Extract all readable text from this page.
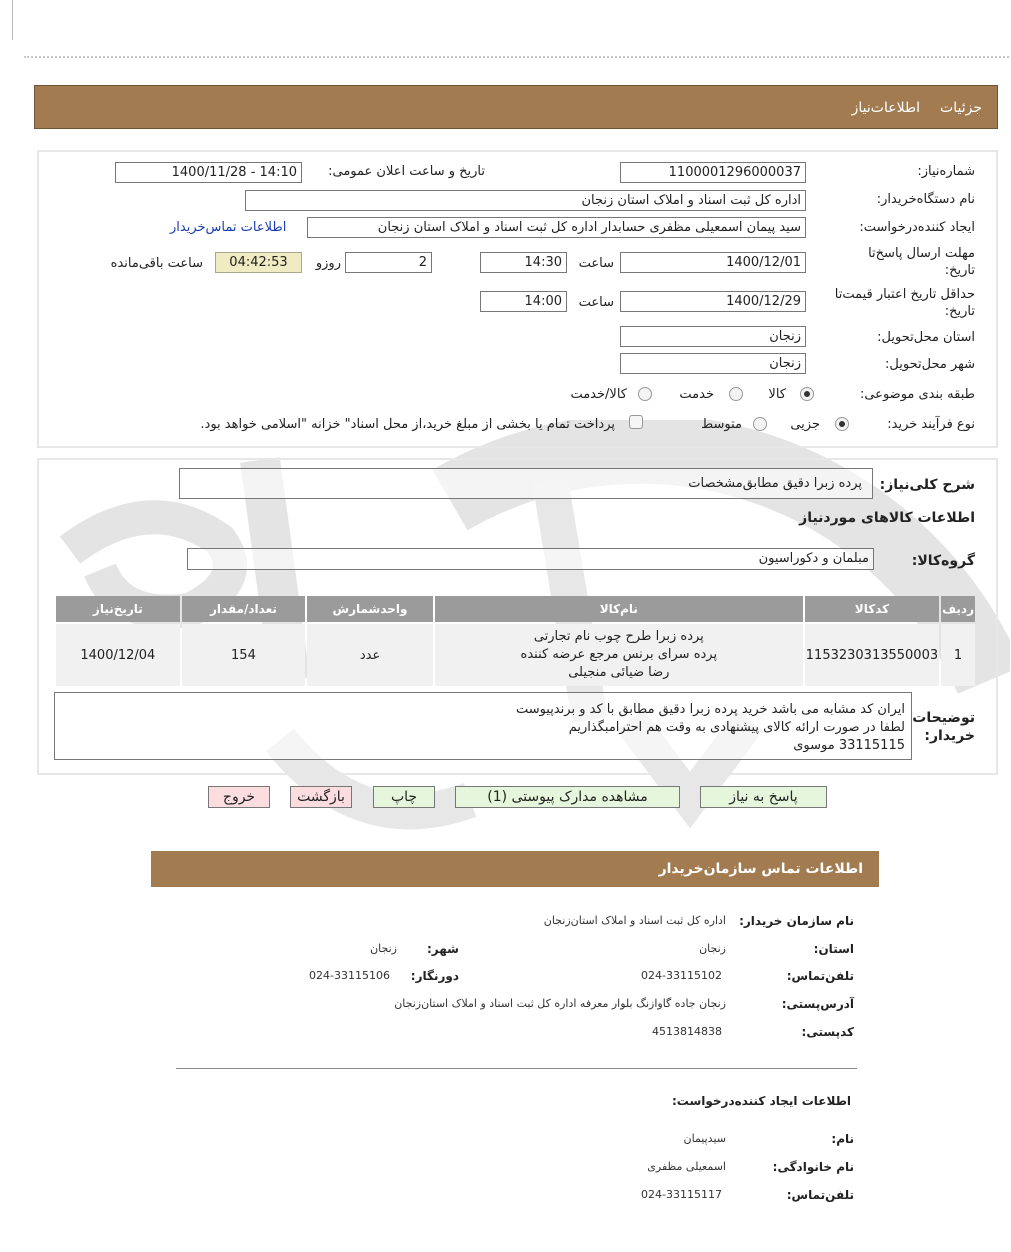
جزئیات
اطلاعات‌نیاز
شماره‌نیاز:
1100001296000037
تاریخ و ساعت اعلان عمومی:
1400/11/28 - 14:10
نام دستگاه‌خریدار:
اداره کل ثبت اسناد و املاک استان زنجان
ایجاد کننده‌درخواست:
سید پیمان اسمعیلی مظفری حسابدار اداره کل ثبت اسناد و املاک استان زنجان
اطلاعات تماس‌خریدار
مهلت ارسال پاسخ‌تا
تاریخ:
1400/12/01
ساعت
14:30
2
روزو
04:42:53
ساعت باقی‌مانده
حداقل تاریخ اعتبار قیمت‌تا
تاریخ:
1400/12/29
ساعت
14:00
استان محل‌تحویل:
زنجان
شهر محل‌تحویل:
زنجان
طبقه بندی موضوعی:
کالا
خدمت
کالا/خدمت
نوع فرآیند خرید:
جزیی
متوسط
پرداخت تمام یا بخشی از مبلغ خرید،از محل اسناد" خزانه "اسلامی خواهد بود.
شرح کلی‌نیاز:
پرده زبرا دقیق مطابق‌مشخصات
اطلاعات کالاهای موردنیاز
گروه‌کالا:
مبلمان و دکوراسیون
ردیف	کدکالا	نام‌کالا	واحدشمارش	تعداد/مقدار	تاریخ‌نیاز
1	1153230313550003	پرده زبرا طرح چوب نام تجارتی
پرده سرای برنس مرجع عرضه کننده
رضا ضیائی منجیلی	عدد	154	1400/12/04
توضیحات
خریدار:
ایران کد مشابه می باشد خرید پرده زبرا دقیق مطابق با کد و برندپیوست
لطفا در صورت ارائه کالای پیشنهادی به وقت هم احترامبگذاریم
33115115 موسوی
پاسخ به نیاز
مشاهده مدارک پیوستی (1)
چاپ
بازگشت
خروج
اطلاعات تماس سازمان‌خریدار
نام سازمان خریدار:
اداره کل ثبت اسناد و املاک استان‌زنجان
استان:
زنجان
شهر:
زنجان
تلفن‌تماس:
024-33115102
دورنگار:
024-33115106
آدرس‌پستی:
زنجان جاده گاوازنگ بلوار معرفه اداره کل ثبت اسناد و املاک استان‌زنجان
کدپستی:
4513814838
اطلاعات ایجاد کننده‌درخواست:
نام:
سیدپیمان
نام خانوادگی:
اسمعیلی مظفری
تلفن‌تماس:
024-33115117
